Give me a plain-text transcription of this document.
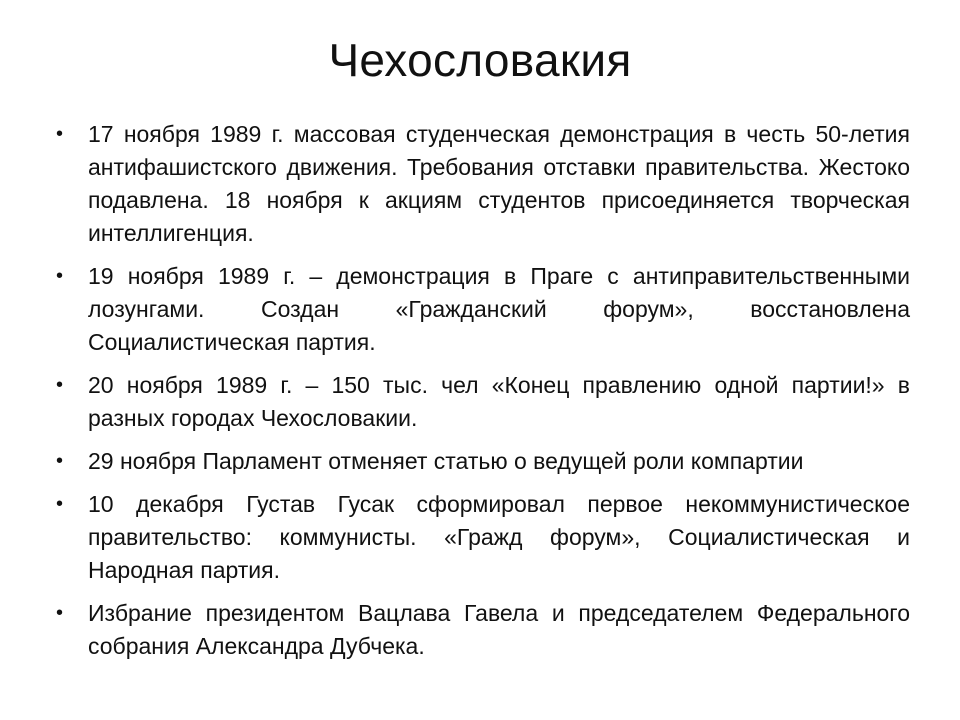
Чехословакия
• 17 ноября 1989 г. массовая студенческая демонстрация в честь 50-летия антифашистского движения. Требования отставки правительства. Жестоко подавлена. 18 ноября к акциям студентов присоединяется творческая интеллигенция.
• 19 ноября 1989 г. – демонстрация в Праге с антиправительственными лозунгами. Создан «Гражданский форум», восстановлена Социалистическая партия.
• 20 ноября 1989 г. – 150 тыс. чел «Конец правлению одной партии!» в разных городах Чехословакии.
• 29 ноября Парламент отменяет статью о ведущей роли компартии
• 10 декабря Густав Гусак сформировал первое некоммунистическое правительство: коммунисты. «Гражд форум», Социалистическая и Народная партия.
• Избрание президентом Вацлава Гавела и председателем Федерального собрания Александра Дубчека.
